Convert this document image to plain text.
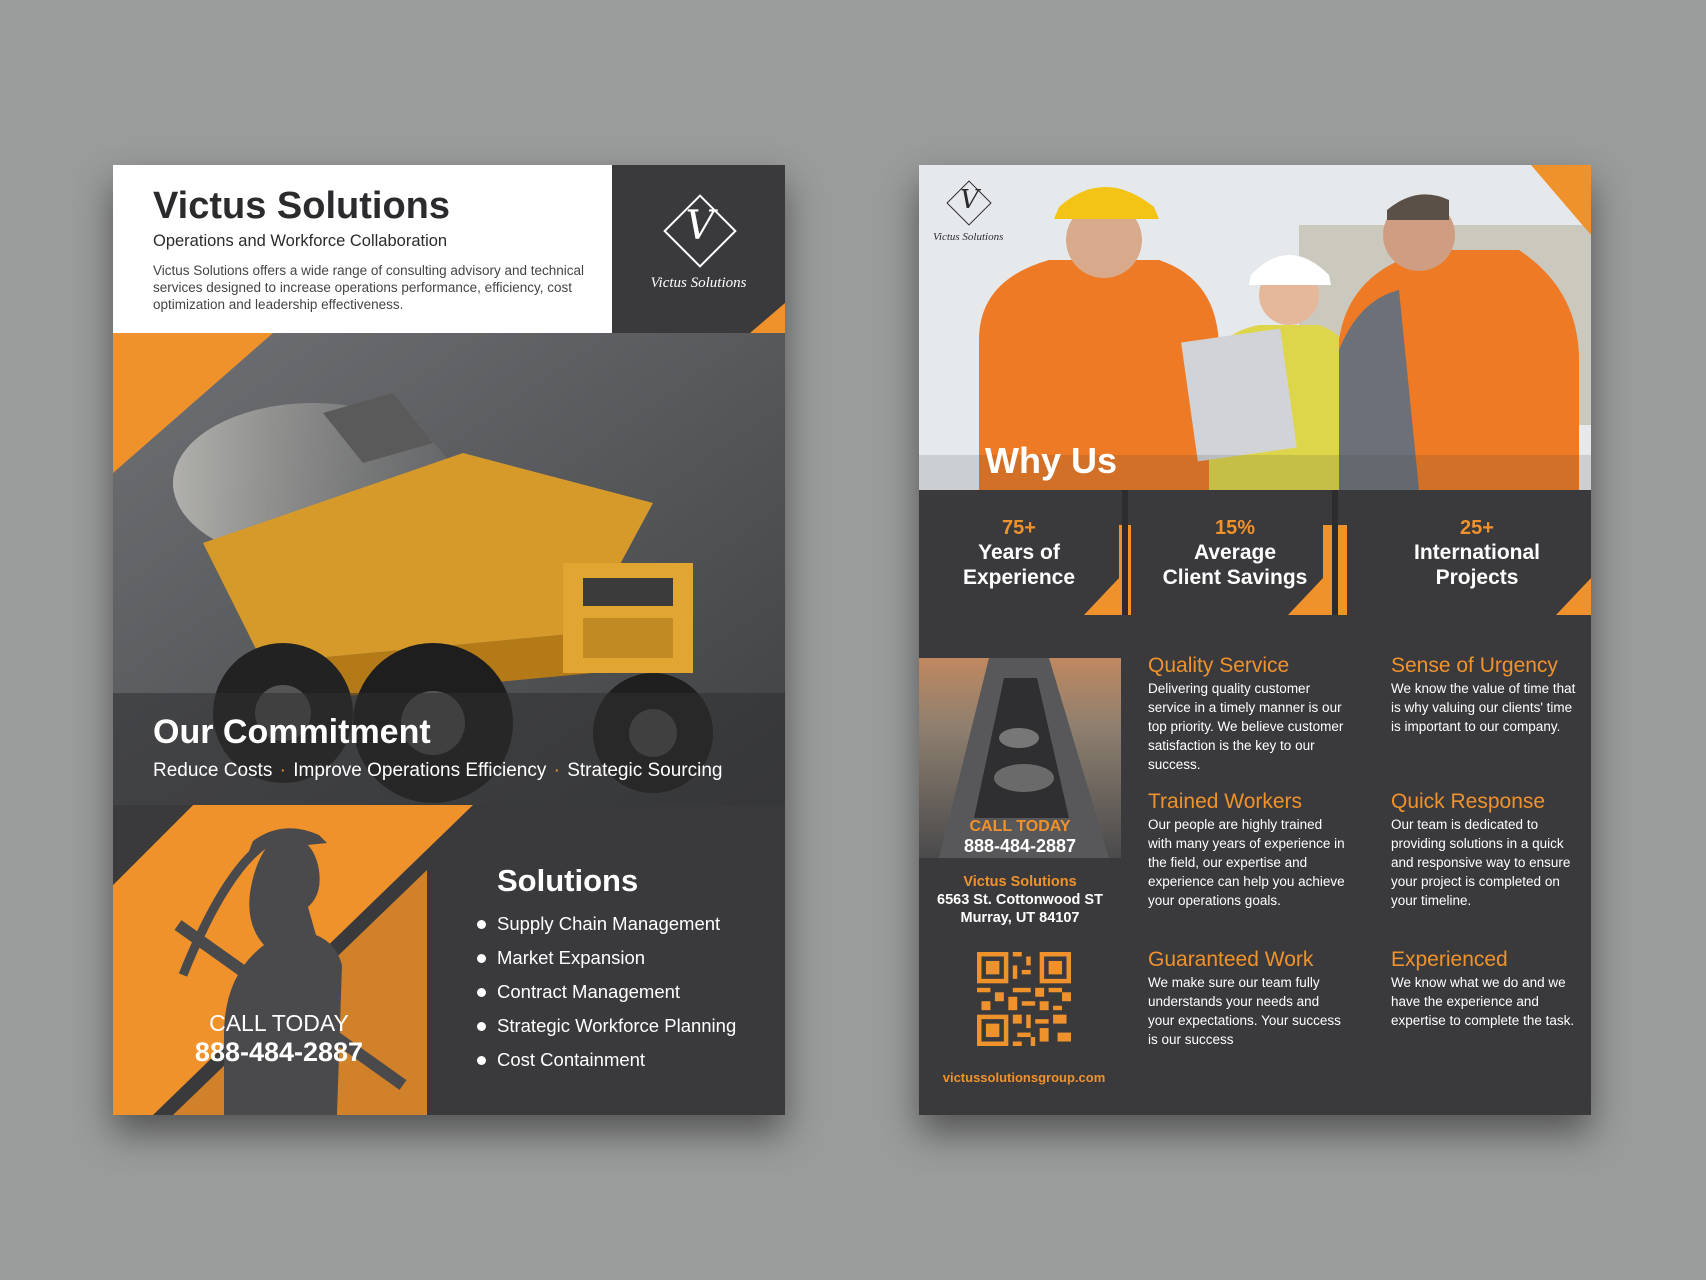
Victus Solutions
Operations and Workforce Collaboration
Victus Solutions offers a wide range of consulting advisory and technical services designed to increase operations performance, efficiency, cost optimization and leadership effectiveness.
V
Victus Solutions
Our Commitment
Reduce Costs · Improve Operations Efficiency · Strategic Sourcing
CALL TODAY
888-484-2887
Solutions
Supply Chain Management
Market Expansion
Contract Management
Strategic Workforce Planning
Cost Containment
V
Victus Solutions
Why Us
75+
Years of
Experience
15%
Average
Client Savings
25+
International
Projects
CALL TODAY
888-484-2887
Victus Solutions
6563 St. Cottonwood ST
Murray, UT 84107
victussolutionsgroup.com
Quality Service

Delivering quality customer service in a timely manner is our top priority. We believe customer satisfaction is the key to our success.

Sense of Urgency

We know the value of time that is why valuing our clients' time is important to our company.

Trained Workers

Our people are highly trained with many years of experience in the field, our expertise and experience can help you achieve your operations goals.

Quick Response

Our team is dedicated to providing solutions in a quick and responsive way to ensure your project is completed on your timeline.

Guaranteed Work

We make sure our team fully understands your needs and your expectations. Your success is our success

Experienced

We know what we do and we have the experience and expertise to complete the task.
